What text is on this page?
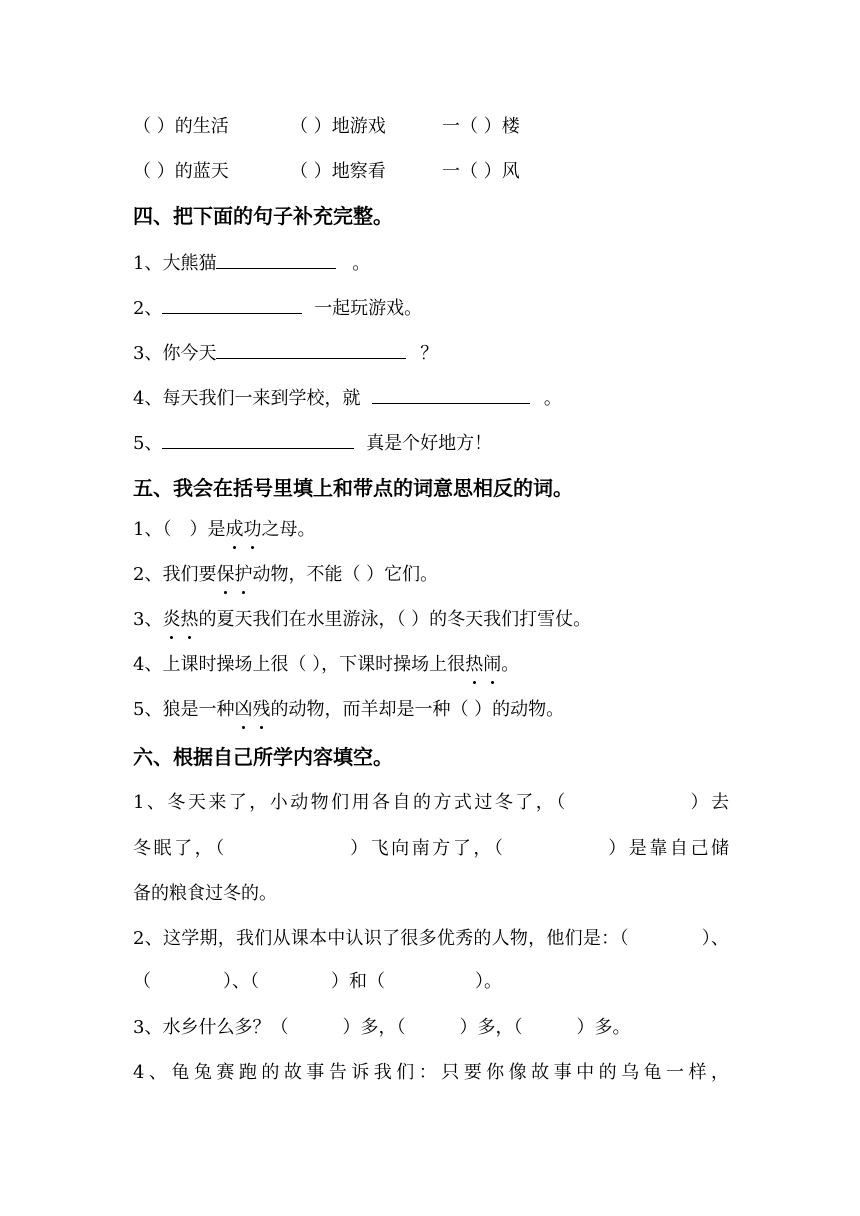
（ ）的生活	（ ）地游戏	一（ ）楼
（ ）的蓝天	（ ）地察看	一（ ）风
四、把下面的句子补充完整。
1、大熊猫	。
2、	一起玩游戏。
3、你今天	？
4、每天我们一来到学校，就	。
5、	真是个好地方！
五、我会在括号里填上和带点的词意思相反的词。
1、（　）是成功之母。
2、我们要保护动物，不能（ ）它们。
3、炎热的夏天我们在水里游泳，（ ）的冬天我们打雪仗。
4、上课时操场上很（ ），下课时操场上很热闹。
5、狼是一种凶残的动物，而羊却是一种（ ）的动物。
六、根据自己所学内容填空。
1、冬天来了，小动物们用各自的方式过冬了，（　　　　　　）去
冬眠了，（　　　　　　）飞向南方了，（　　　　　）是靠自己储
备的粮食过冬的。
2、这学期，我们从课本中认识了很多优秀的人物，他们是：（　　　　）、
（　　　　）、（　　　　）和（　　　　　）。
3、水乡什么多？（　　　）多，（　　　）多，（　　　）多。
4、龟兔赛跑的故事告诉我们：只要你像故事中的乌龟一样，
